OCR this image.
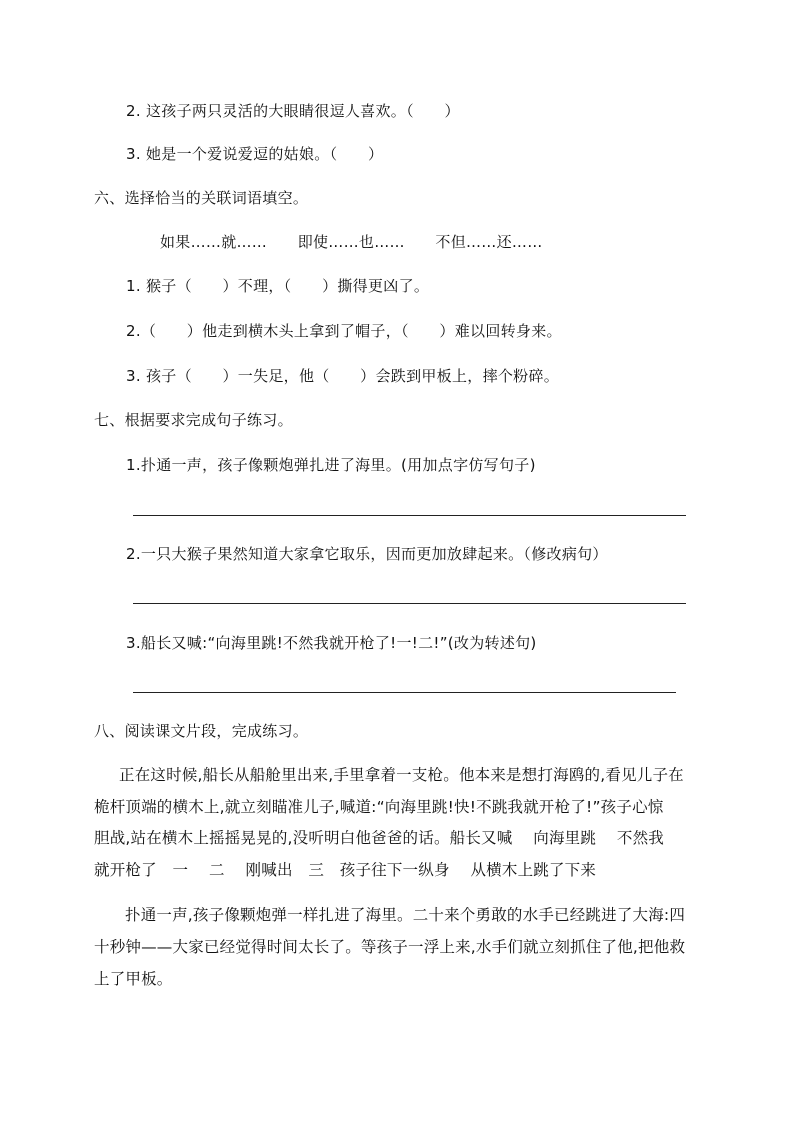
2. 这孩子两只灵活的大眼睛很逗人喜欢。（　　）
3. 她是一个爱说爱逗的姑娘。（　　）
六、选择恰当的关联词语填空。
如果……就……　　即使……也……　　不但……还……
1. 猴子（　　）不理，（　　）撕得更凶了。
2.（　　）他走到横木头上拿到了帽子，（　　）难以回转身来。
3. 孩子（　　）一失足，他（　　）会跌到甲板上，摔个粉碎。
七、根据要求完成句子练习。
1.扑通一声，孩子像颗炮弹扎进了海里。(用加点字仿写句子)
2.一只大猴子果然知道大家拿它取乐，因而更加放肆起来。（修改病句）
3.船长又喊:“向海里跳!不然我就开枪了!一!二!”(改为转述句)
八、阅读课文片段，完成练习。
正在这时候,船长从船舱里出来,手里拿着一支枪。他本来是想打海鸥的,看见儿子在
桅杆顶端的横木上,就立刻瞄准儿子,喊道:“向海里跳!快!不跳我就开枪了!”孩子心惊
胆战,站在横木上摇摇晃晃的,没听明白他爸爸的话。船长又喊　 向海里跳　 不然我
就开枪了　一　 二　 刚喊出　三　孩子往下一纵身　 从横木上跳了下来
扑通一声,孩子像颗炮弹一样扎进了海里。二十来个勇敢的水手已经跳进了大海:四
十秒钟——大家已经觉得时间太长了。等孩子一浮上来,水手们就立刻抓住了他,把他救
上了甲板。
